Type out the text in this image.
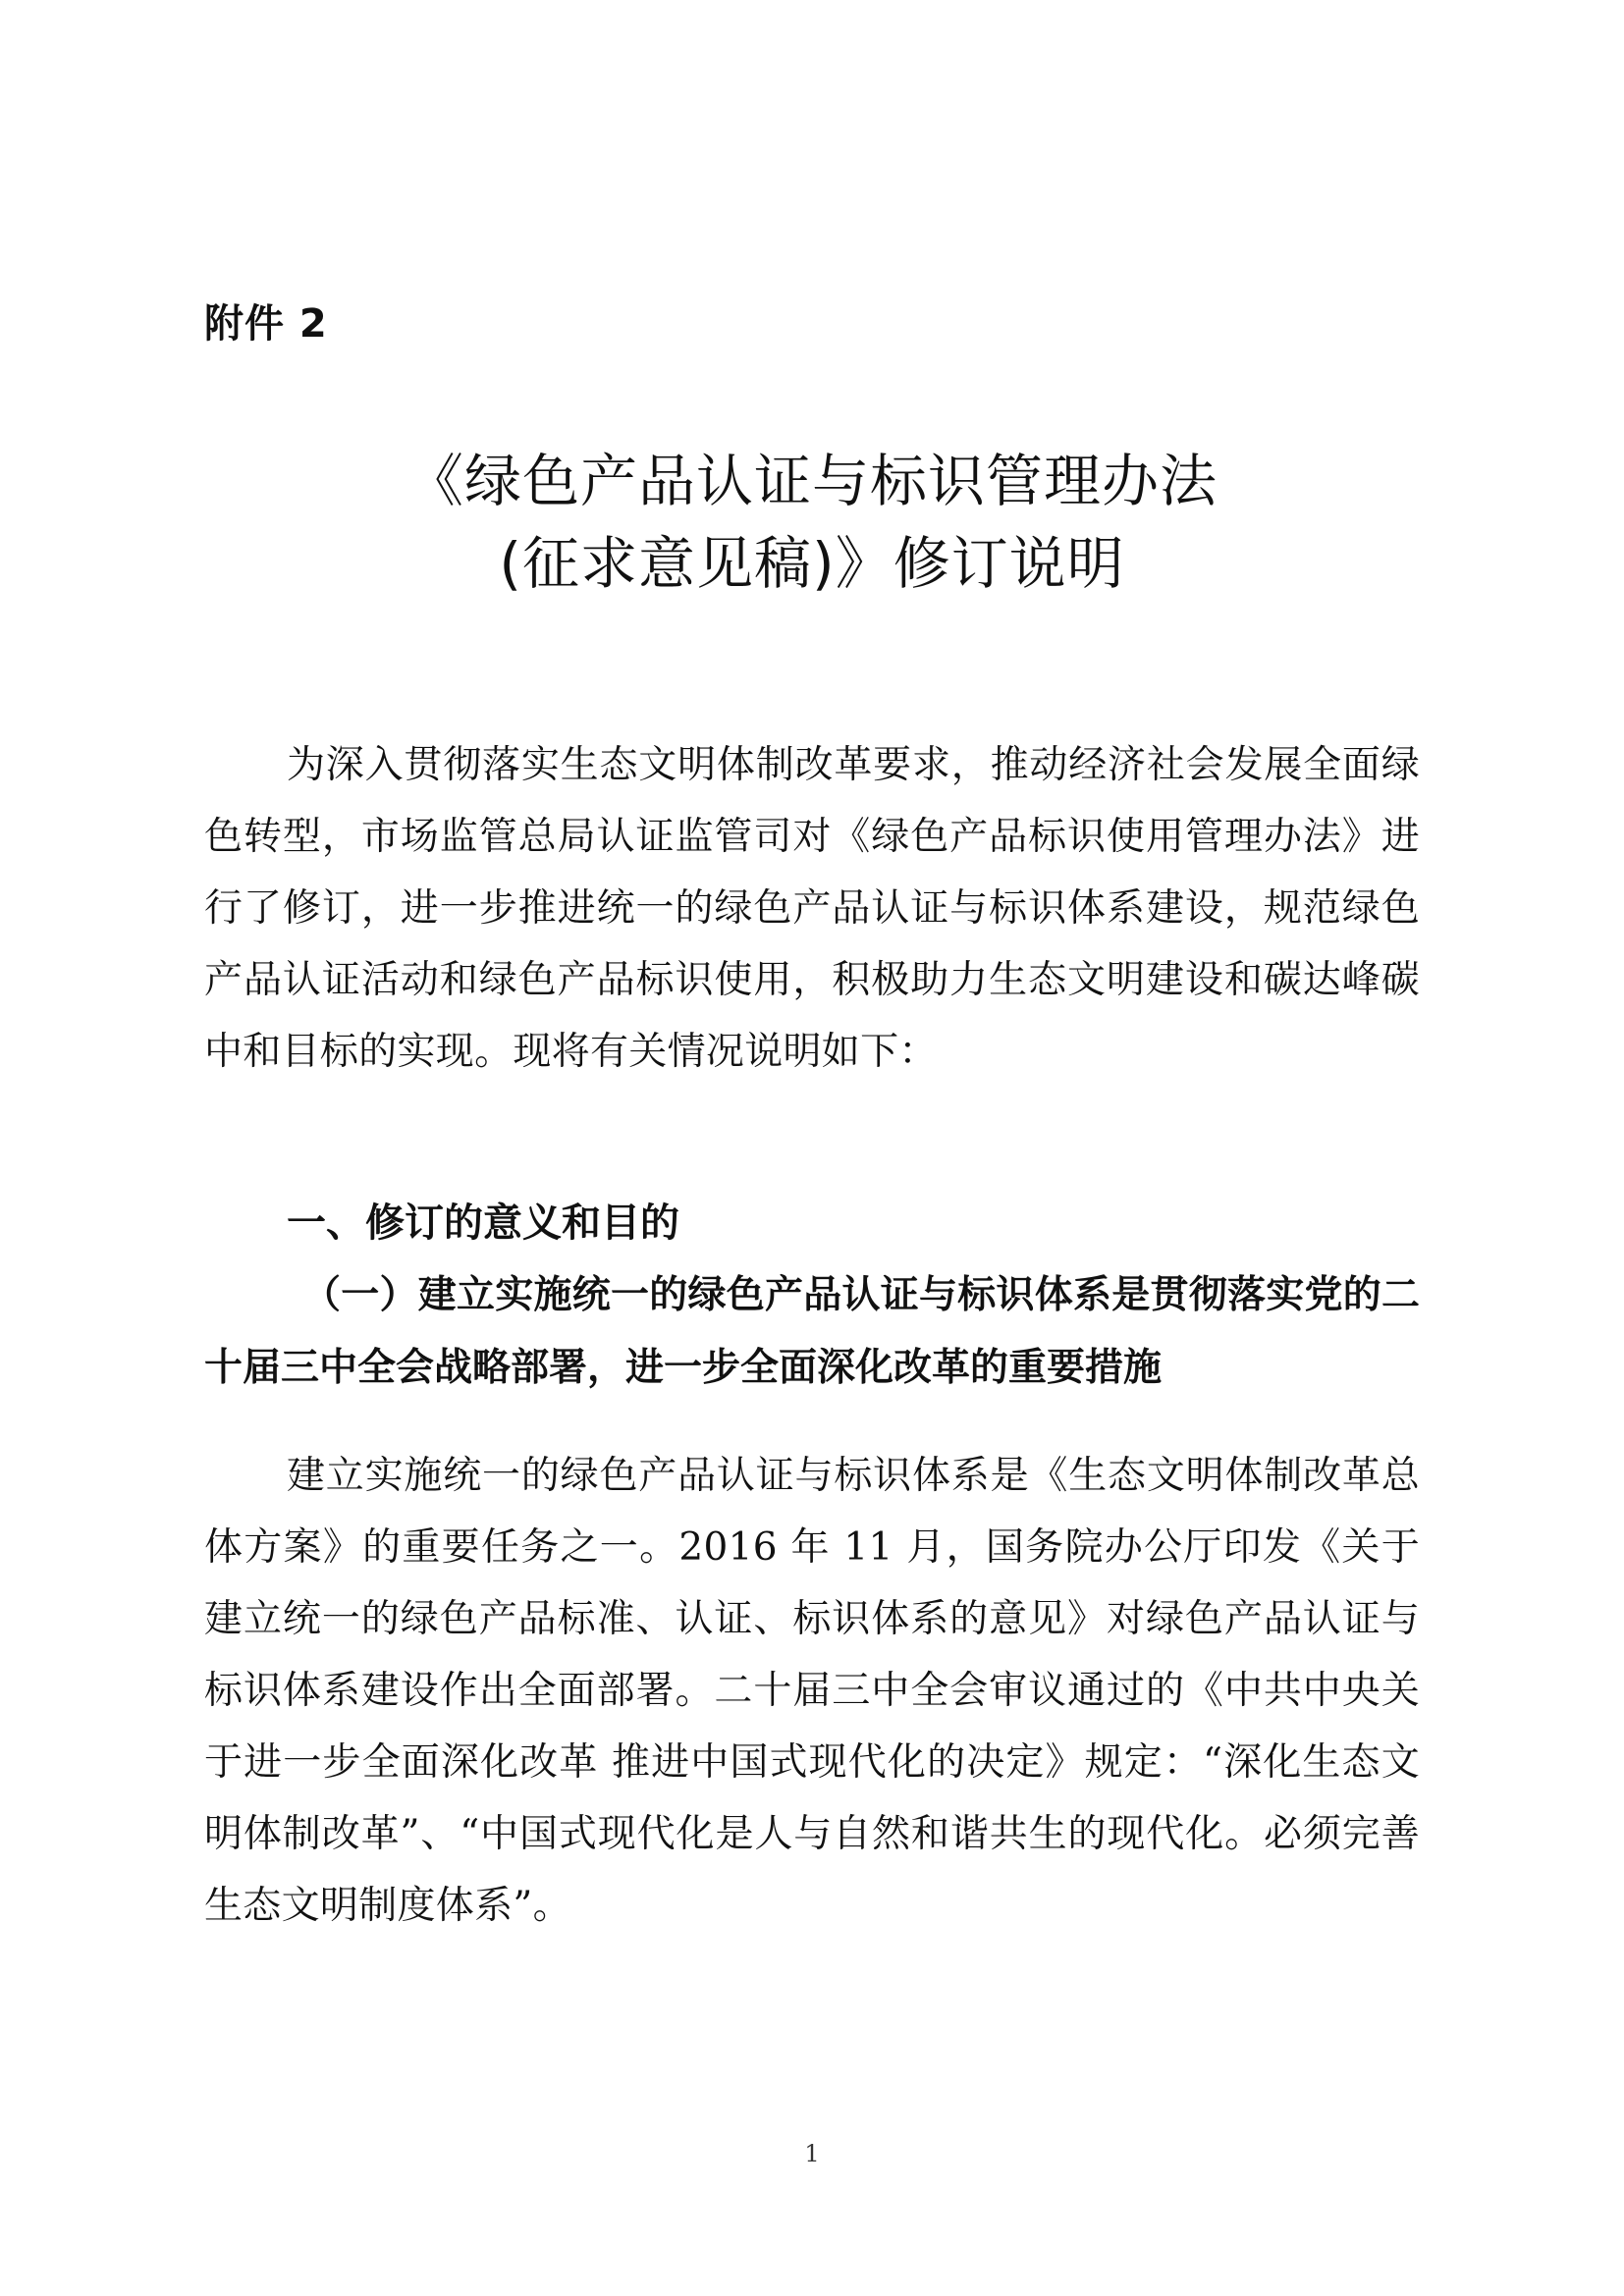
附件 2
《绿色产品认证与标识管理办法
(征求意见稿)》修订说明

为深入贯彻落实生态文明体制改革要求，推动经济社会发展全面绿色转型，市场监管总局认证监管司对《绿色产品标识使用管理办法》进行了修订，进一步推进统一的绿色产品认证与标识体系建设，规范绿色产品认证活动和绿色产品标识使用，积极助力生态文明建设和碳达峰碳中和目标的实现。现将有关情况说明如下：

一、修订的意义和目的
（一）建立实施统一的绿色产品认证与标识体系是贯彻落实党的二十届三中全会战略部署，进一步全面深化改革的重要措施

建立实施统一的绿色产品认证与标识体系是《生态文明体制改革总体方案》的重要任务之一。2016 年 11 月，国务院办公厅印发《关于建立统一的绿色产品标准、认证、标识体系的意见》对绿色产品认证与标识体系建设作出全面部署。二十届三中全会审议通过的《中共中央关于进一步全面深化改革 推进中国式现代化的决定》规定：“深化生态文明体制改革”、“中国式现代化是人与自然和谐共生的现代化。必须完善生态文明制度体系”。

1
